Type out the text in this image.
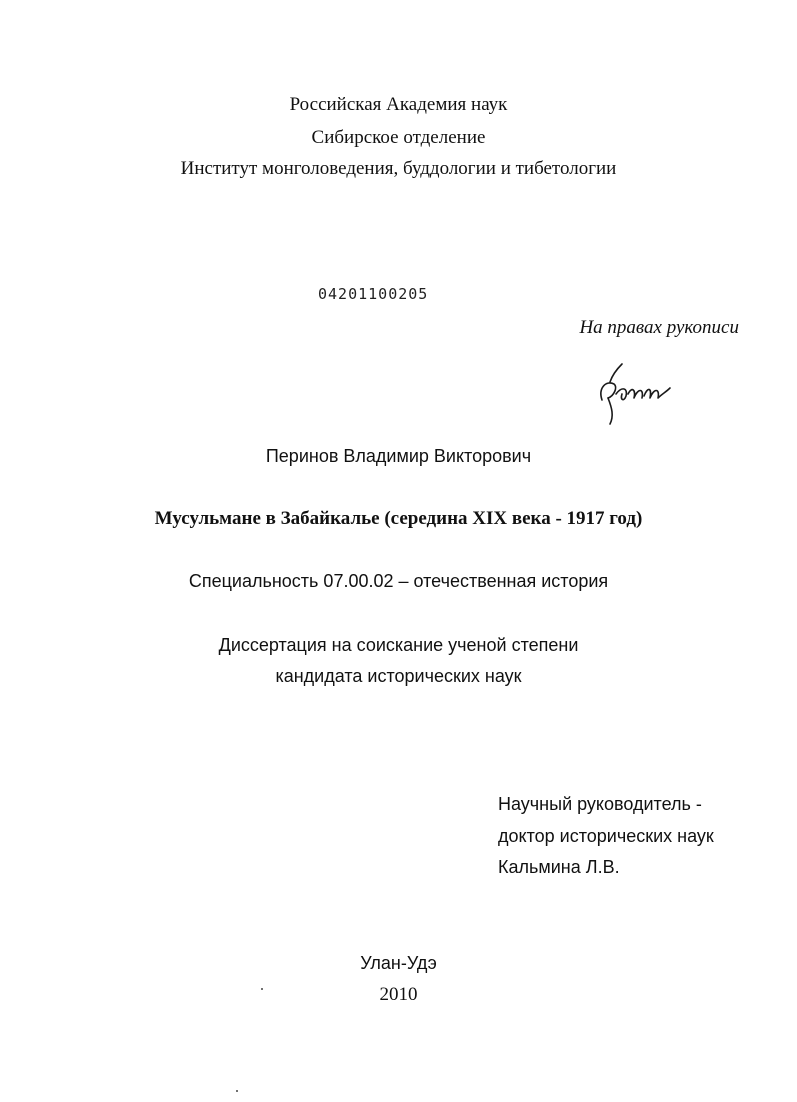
Российская Академия наук
Сибирское отделение
Институт монголоведения, буддологии и тибетологии
04201100205
На правах рукописи
Перинов Владимир Викторович
Мусульмане в Забайкалье (середина XIX века - 1917 год)
Специальность 07.00.02 – отечественная история
Диссертация на соискание ученой степени
кандидата исторических наук
Научный руководитель -
доктор исторических наук
Кальмина Л.В.
Улан-Удэ
2010
